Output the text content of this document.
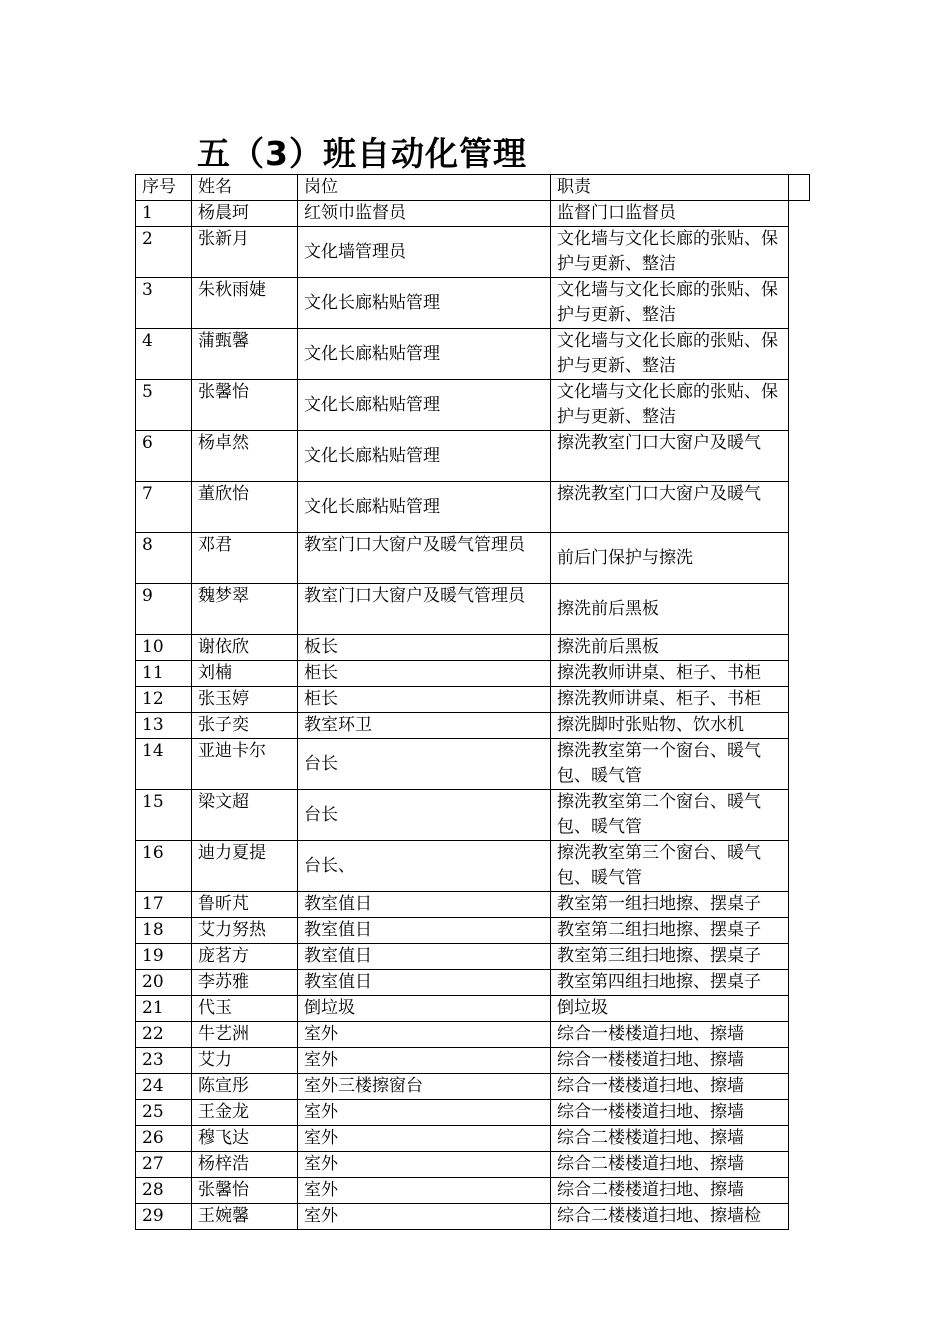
五（3）班自动化管理
序号	姓名	岗位	职责	
1	杨晨珂	红领巾监督员	监督门口监督员	
2	张新月	文化墙管理员	文化墙与文化长廊的张贴、保护与更新、整洁	
3	朱秋雨婕	文化长廊粘贴管理	文化墙与文化长廊的张贴、保护与更新、整洁	
4	蒲甄馨	文化长廊粘贴管理	文化墙与文化长廊的张贴、保护与更新、整洁	
5	张馨怡	文化长廊粘贴管理	文化墙与文化长廊的张贴、保护与更新、整洁	
6	杨卓然	文化长廊粘贴管理	擦洗教室门口大窗户及暖气	
7	董欣怡	文化长廊粘贴管理	擦洗教室门口大窗户及暖气	
8	邓君	教室门口大窗户及暖气管理员	前后门保护与擦洗	
9	魏梦翠	教室门口大窗户及暖气管理员	擦洗前后黑板	
10	谢依欣	板长	擦洗前后黑板	
11	刘楠	柜长	擦洗教师讲桌、柜子、书柜	
12	张玉婷	柜长	擦洗教师讲桌、柜子、书柜	
13	张子奕	教室环卫	擦洗脚时张贴物、饮水机	
14	亚迪卡尔	台长	擦洗教室第一个窗台、暖气包、暖气管	
15	梁文超	台长	擦洗教室第二个窗台、暖气包、暖气管	
16	迪力夏提	台长、	擦洗教室第三个窗台、暖气包、暖气管	
17	鲁昕芃	教室值日	教室第一组扫地擦、摆桌子	
18	艾力努热	教室值日	教室第二组扫地擦、摆桌子	
19	庞茗方	教室值日	教室第三组扫地擦、摆桌子	
20	李苏雅	教室值日	教室第四组扫地擦、摆桌子	
21	代玉	倒垃圾	倒垃圾	
22	牛艺洲	室外	综合一楼楼道扫地、擦墙	
23	艾力	室外	综合一楼楼道扫地、擦墙	
24	陈宣彤	室外三楼擦窗台	综合一楼楼道扫地、擦墙	
25	王金龙	室外	综合一楼楼道扫地、擦墙	
26	穆飞达	室外	综合二楼楼道扫地、擦墙	
27	杨梓浩	室外	综合二楼楼道扫地、擦墙	
28	张馨怡	室外	综合二楼楼道扫地、擦墙	
29	王婉馨	室外	综合二楼楼道扫地、擦墙检	
